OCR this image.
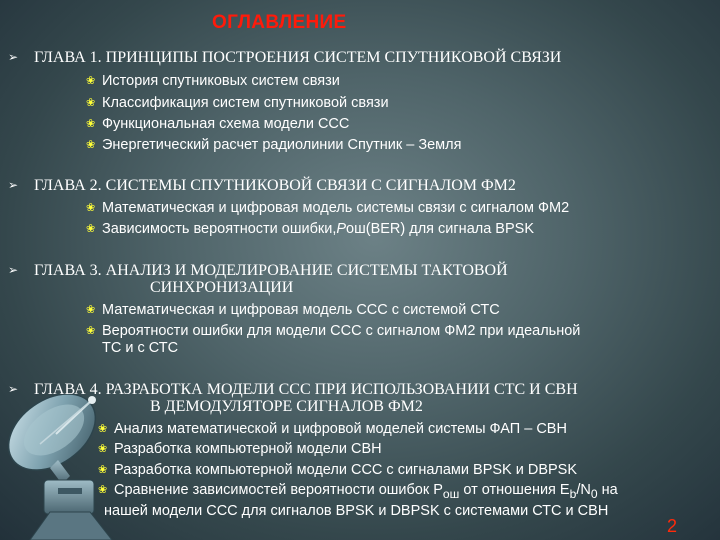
ОГЛАВЛЕНИЕ
➢ ГЛАВА 1. ПРИНЦИПЫ ПОСТРОЕНИЯ СИСТЕМ СПУТНИКОВОЙ СВЯЗИ
❀ История спутниковых систем связи
❀ Классификация систем спутниковой связи
❀ Функциональная схема модели ССС
❀ Энергетический расчет радиолинии Спутник – Земля
➢ ГЛАВА 2. СИСТЕМЫ СПУТНИКОВОЙ СВЯЗИ С СИГНАЛОМ ФМ2
❀ Математическая и цифровая модель системы связи с сигналом ФМ2
❀ Зависимость вероятности ошибки,Pош(BER) для сигнала BPSK
➢ ГЛАВА 3. АНАЛИЗ И МОДЕЛИРОВАНИЕ СИСТЕМЫ ТАКТОВОЙ
СИНХРОНИЗАЦИИ
❀ Математическая и цифровая модель ССС с системой СТС
❀ Вероятности ошибки для модели ССС с сигналом ФМ2 при идеальной
ТС и с СТС
➢ ГЛАВА 4. РАЗРАБОТКА МОДЕЛИ ССС ПРИ ИСПОЛЬЗОВАНИИ СТС И СВН
В ДЕМОДУЛЯТОРЕ СИГНАЛОВ ФМ2
❀ Анализ математической и цифровой моделей системы ФАП – СВН
❀ Разработка компьютерной модели СВН
❀ Разработка компьютерной модели ССС с сигналами BPSK и DBPSK
❀ Сравнение зависимостей вероятности ошибок $P_{ош}$ от отношения $E_b/N_0$ на
нашей модели ССС для сигналов BPSK и DBPSK с системами СТС и СВН
2
